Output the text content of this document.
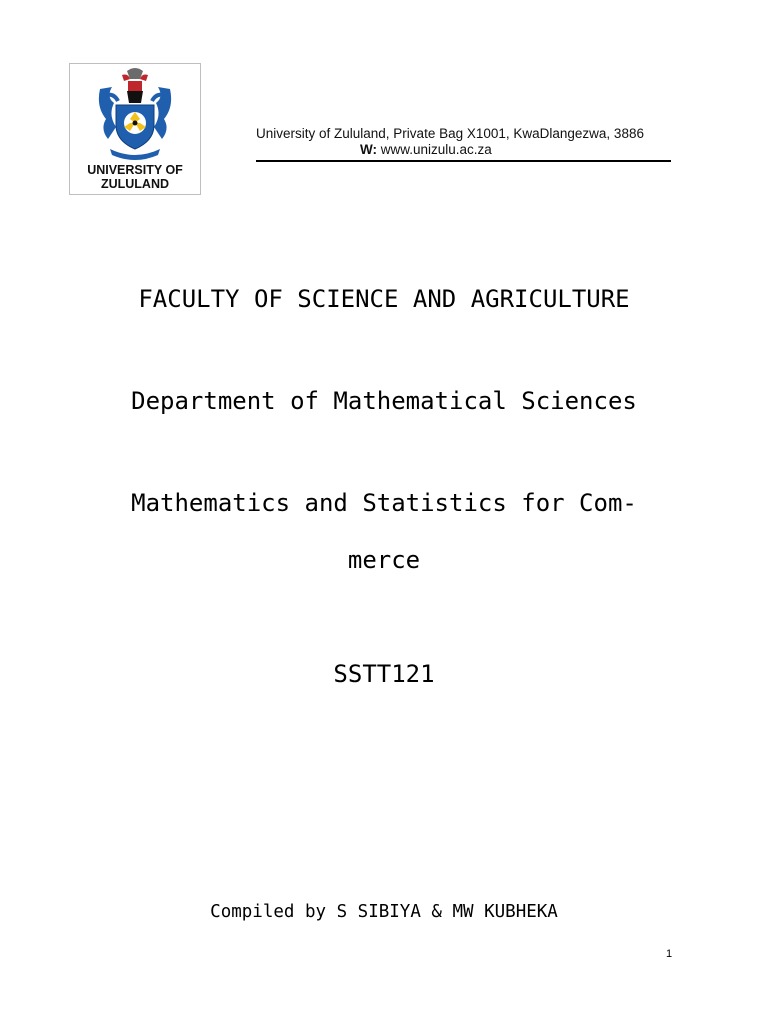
UNIVERSITY OF
ZULULAND
University of Zululand, Private Bag X1001, KwaDlangezwa, 3886
W: www.unizulu.ac.za
FACULTY OF SCIENCE AND AGRICULTURE
Department of Mathematical Sciences
Mathematics and Statistics for Com-
merce
SSTT121
Compiled by S SIBIYA & MW KUBHEKA
1
